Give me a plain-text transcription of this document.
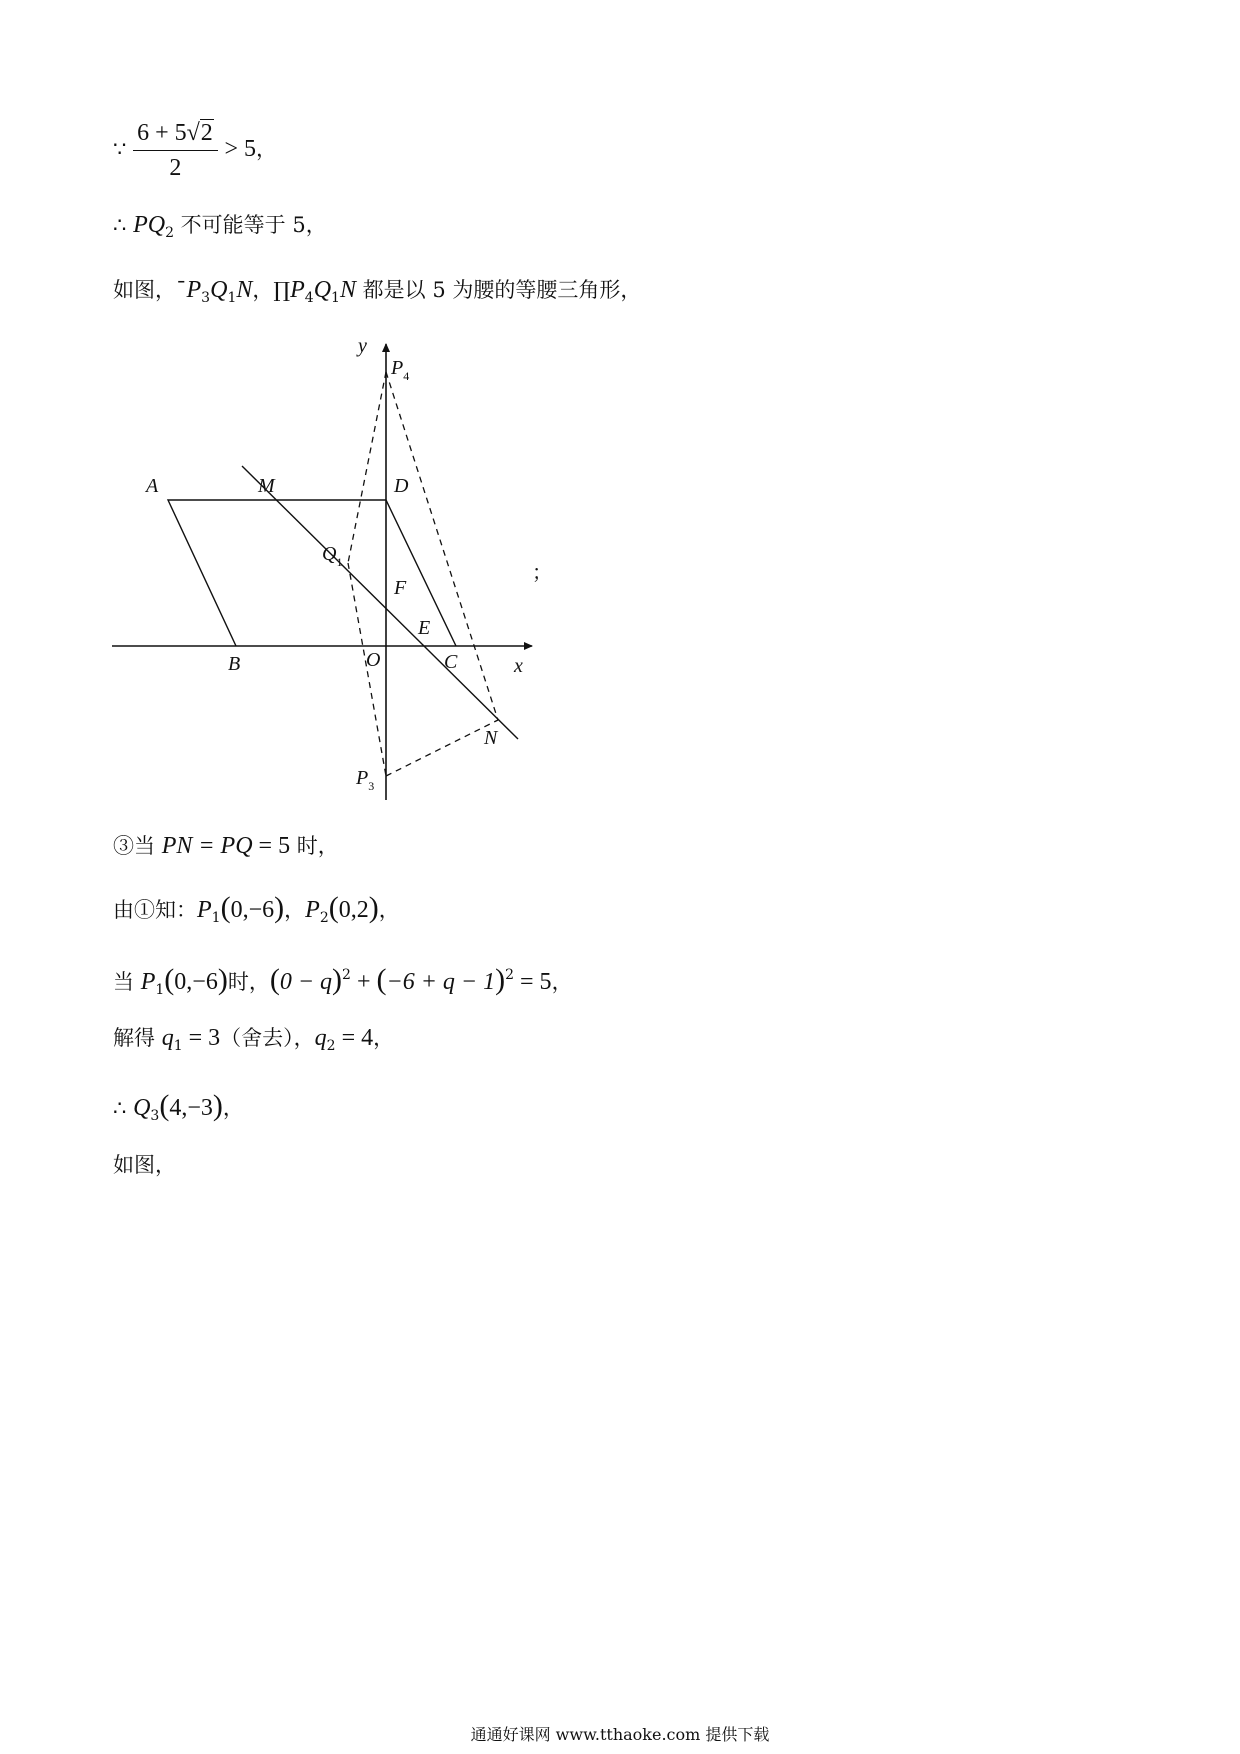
∵ $\frac{6 + 5√2}{2} > 5$，
∴ $PQ_2$ 不可能等于 5，
如图，$¯P_3Q_1N$，$\prod P_4Q_1N$ 都是以 5 为腰的等腰三角形，
y
$P_4$
A	M	D
$Q_1$
F
E
C
B	O	x
N
$P_3$
；
③当 PN = PQ = 5 时，
由①知：$P_1(0,-6)$，$P_2(0,2)$，
当 $P_1(0,-6)$时，$(0 - q)^2 + (-6 + q - 1)^2 = 5$，
解得 $q_1 = 3$（舍去），$q_2 = 4$，
∴ $Q_3(4,-3)$，
如图，
通通好课网 www.tthaoke.com 提供下载
